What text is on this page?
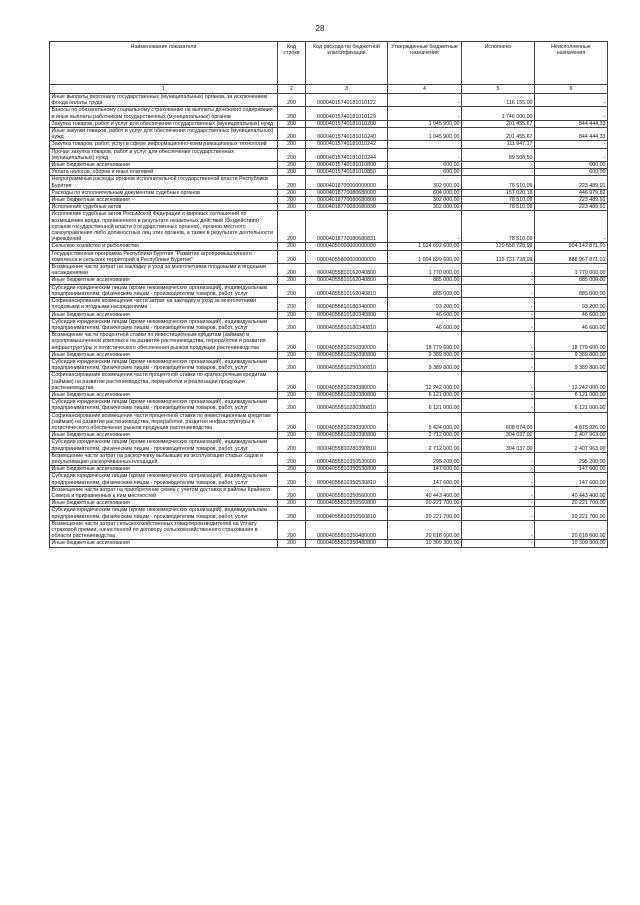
28
Наименование показателя	Код строки	Код расхода по бюджетной классификации	Утвержденные бюджетные назначения	Исполнено	Неисполненные назначения
1	2	3	4	5	6
Иные выплаты персоналу государственных (муниципальных) органов, за исключением фонда оплаты труда	200	00004015740181010122	-	116 155,00	-
Взносы по обязательному социальному страхованию на выплаты денежного содержания и иные выплаты работникам государственных (муниципальных) органов	200	00004015740181010129	-	1 746 000,00	-
Закупка товаров, работ и услуг для обеспечения государственных (муниципальных) нужд	200	00004015740181010200	1 045 900,00	201 455,67	844 444,33
Иные закупки товаров, работ и услуг для обеспечения государственных (муниципальных) нужд	200	00004015740181010240	1 045 900,00	201 455,67	844 444,33
Закупка товаров, работ, услуг в сфере информационно-коммуникационных технологий	200	00004015740181010242	-	111 947,17	-
Прочая закупка товаров, работ и услуг для обеспечения государственных (муниципальных) нужд	200	00004015740181010244	-	89 508,50	-
Иные бюджетные ассигнования	200	00004015740181010800	600,00	-	600,00
Уплата налогов, сборов и иных платежей	200	00004015740181010850	600,00	-	600,00
Непрограммные расходы органов исполнительной государственной власти Республики Бурятия	200	00004018700000000000	302 000,00	78 510,09	223 489,91
Расходы по исполнительным документам судебных органов	200	00004018770080680000	604 000,00	157 020,18	446 979,82
Иные бюджетные ассигнования	200	00004018770080680800	302 000,00	78 510,09	223 489,91
Исполнение судебных актов	200	00004018770080680830	302 000,00	78 510,09	223 489,91
Исполнение судебных актов Российской Федерации и мировых соглашений по возмещению вреда, причиненного в результате незаконных действий (бездействия) органов государственной власти (государственных органов), органов местного самоуправления либо должностных лиц этих органов, а также в результате деятельности учреждений	200	00004018770080680831	-	78 510,09	-
Сельское хозяйство и рыболовство	200	00004050000000000000	1 024 692 600,00	120 558 728,99	904 142 871,01
Государственная программа Республики Бурятия "Развитие агропромышленного комплекса и сельских территорий в Республике Бурятия"	200	00004055800000000000	1 004 699 600,00	115 731 728,99	888 967 871,01
Возмещение части затрат на закладку и уход за многолетними плодовыми и ягодными насаждениями	200	00004055810162040800	1 770 000,00	-	1 770 000,00
Иные бюджетные ассигнования	200	00004055810162040800	885 000,00	-	885 000,00
Субсидии юридическим лицам (кроме некоммерческих организаций), индивидуальным предпринимателям, физическим лицам - производителям товаров, работ, услуг	200	00004055810162040810	885 000,00	-	885 000,00
Софинансирование возмещения части затрат на закладку и уход за многолетними плодовыми и ягодными насаждениями	200	00004055810180340000	93 200,00	-	93 200,00
Иные бюджетные ассигнования	200	00004055810180340800	46 600,00	-	46 600,00
Субсидии юридическим лицам (кроме некоммерческих организаций), индивидуальным предпринимателям, физическим лицам - производителям товаров, работ, услуг	200	00004055810180340810	46 600,00	-	46 600,00
Возмещение части процентной ставки по инвестиционным кредитам (займам) в агропромышленном комплексе на развитие растениеводства, переработки и развития инфраструктуры и логистического обеспечения рынков продукции растениеводства	200	00004055810250390000	18 779 600,00	-	18 779 600,00
Иные бюджетные ассигнования	200	00004055810250390800	9 389 800,00	-	9 389 800,00
Субсидии юридическим лицам (кроме некоммерческих организаций), индивидуальным предпринимателям, физическим лицам - производителям товаров, работ, услуг	200	00004055810250390810	9 389 800,00	-	9 389 800,00
Софинансирование возмещения части процентной ставки по краткосрочным кредитам (займам) на развитие растениеводства, переработки и реализации продукции растениеводства	200	00004055810280380000	12 242 000,00	-	12 242 000,00
Иные бюджетные ассигнования	200	00004055810280380800	6 121 000,00	-	6 121 000,00
Субсидии юридическим лицам (кроме некоммерческих организаций), индивидуальным предпринимателям, физическим лицам - производителям товаров, работ, услуг	200	00004055810280380810	6 121 000,00	-	6 121 000,00
Софинансирование возмещения части процентной ставки по инвестиционным кредитам (займам) на развитие растениеводства, переработки, развития инфраструктуры и логистического обеспечения рынков продукции растениеводства	200	00004055810280390000	5 424 000,00	608 074,00	4 815 926,00
Иные бюджетные ассигнования	200	00004055810280390800	2 712 000,00	304 037,00	2 407 963,00
Субсидии юридическим лицам (кроме некоммерческих организаций), индивидуальным предпринимателям, физическим лицам - производителям товаров, работ, услуг	200	00004055810280390810	2 712 000,00	304 037,00	2 407 963,00
Возмещение части затрат на раскорчевку выбывших из эксплуатации старых садов и рекультивацию раскорчеванных площадей	200	00004055810350530000	295 200,00	-	295 200,00
Иные бюджетные ассигнования	200	00004055810350530800	147 600,00	-	147 600,00
Субсидии юридическим лицам (кроме некоммерческих организаций), индивидуальным предпринимателям, физическим лицам - производителям товаров, работ, услуг	200	00004055810350530810	147 600,00	-	147 600,00
Возмещение части затрат на приобретение семян с учетом доставки в районы Крайнего Севера и приравненных к ним местностей	200	00004055810350560000	40 443 400,00	-	40 443 400,00
Иные бюджетные ассигнования	200	00004055810350560800	20 221 700,00	-	20 221 700,00
Субсидии юридическим лицам (кроме некоммерческих организаций), индивидуальным предпринимателям, физическим лицам - производителям товаров, работ, услуг	200	00004055810350560810	20 221 700,00	-	20 221 700,00
Возмещение части затрат сельскохозяйственных товаропроизводителей на уплату страховой премии, начисленной по договору сельскохозяйственного страхования в области растениеводства	200	00004055810350480000	20 618 600,00	-	20 618 600,00
Иные бюджетные ассигнования	200	00004055810350480800	10 309 300,00	-	10 309 300,00
